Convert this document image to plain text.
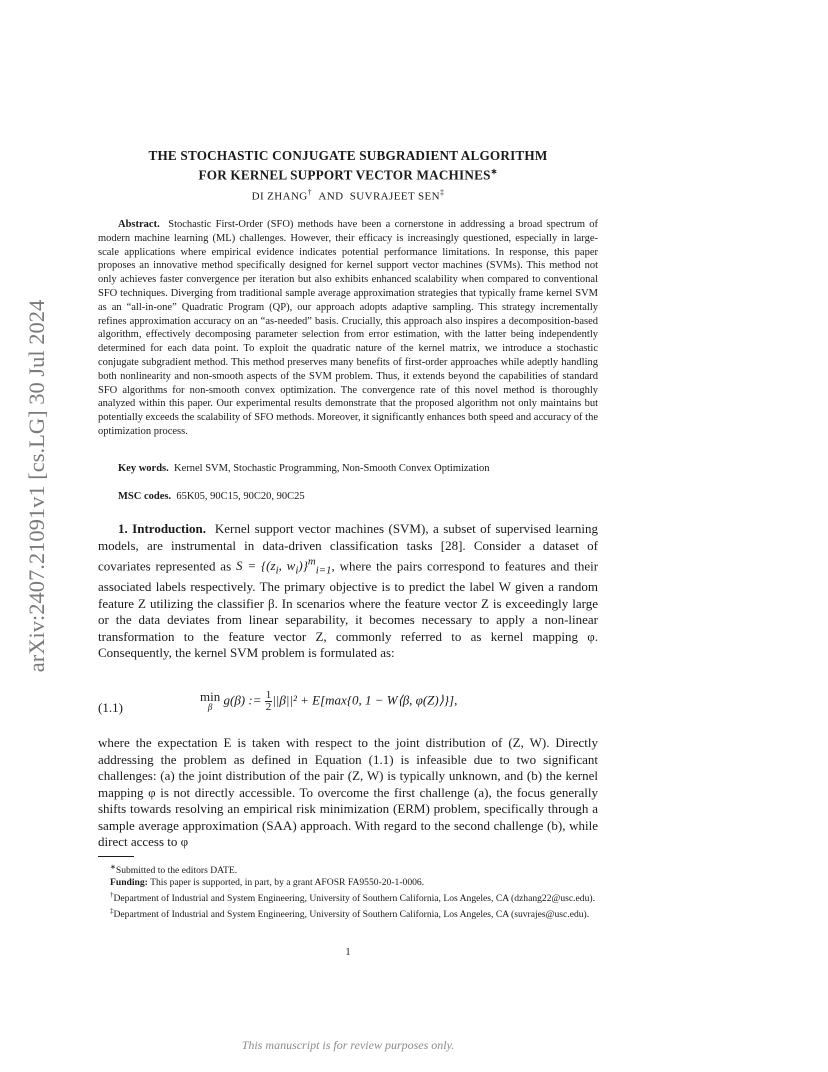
arXiv:2407.21091v1 [cs.LG] 30 Jul 2024
THE STOCHASTIC CONJUGATE SUBGRADIENT ALGORITHM
FOR KERNEL SUPPORT VECTOR MACHINES∗
DI ZHANG† AND SUVRAJEET SEN‡

Abstract. Stochastic First-Order (SFO) methods have been a cornerstone in addressing a broad spectrum of modern machine learning (ML) challenges. However, their efficacy is increasingly questioned, especially in large-scale applications where empirical evidence indicates potential performance limitations. In response, this paper proposes an innovative method specifically designed for kernel support vector machines (SVMs). This method not only achieves faster convergence per iteration but also exhibits enhanced scalability when compared to conventional SFO techniques. Diverging from traditional sample average approximation strategies that typically frame kernel SVM as an “all-in-one” Quadratic Program (QP), our approach adopts adaptive sampling. This strategy incrementally refines approximation accuracy on an “as-needed” basis. Crucially, this approach also inspires a decomposition-based algorithm, effectively decomposing parameter selection from error estimation, with the latter being independently determined for each data point. To exploit the quadratic nature of the kernel matrix, we introduce a stochastic conjugate subgradient method. This method preserves many benefits of first-order approaches while adeptly handling both nonlinearity and non-smooth aspects of the SVM problem. Thus, it extends beyond the capabilities of standard SFO algorithms for non-smooth convex optimization. The convergence rate of this novel method is thoroughly analyzed within this paper. Our experimental results demonstrate that the proposed algorithm not only maintains but potentially exceeds the scalability of SFO methods. Moreover, it significantly enhances both speed and accuracy of the optimization process.

Key words. Kernel SVM, Stochastic Programming, Non-Smooth Convex Optimization

MSC codes. 65K05, 90C15, 90C20, 90C25

1. Introduction. Kernel support vector machines (SVM), a subset of supervised learning models, are instrumental in data-driven classification tasks [28]. Consider a dataset of covariates represented as $S = \{(z_i$, $w_i)\}^m_{i=1}$, where the pairs correspond to features and their associated labels respectively. The primary objective is to predict the label W given a random feature Z utilizing the classifier β. In scenarios where the feature vector Z is exceedingly large or the data deviates from linear separability, it becomes necessary to apply a non-linear transformation to the feature vector Z, commonly referred to as kernel mapping φ. Consequently, the kernel SVM problem is formulated as:

(1.1)
min
β g(β) := $\frac{1}{2} ||\beta||^2 + E[\max\{0$, 1 − W⟨β, φ(Z)⟩}],

where the expectation E is taken with respect to the joint distribution of (Z, W). Directly addressing the problem as defined in Equation (1.1) is infeasible due to two significant challenges: (a) the joint distribution of the pair (Z, W) is typically unknown, and (b) the kernel mapping φ is not directly accessible. To overcome the first challenge (a), the focus generally shifts towards resolving an empirical risk minimization (ERM) problem, specifically through a sample average approximation (SAA) approach. With regard to the second challenge (b), while direct access to φ

∗Submitted to the editors DATE.

Funding: This paper is supported, in part, by a grant AFOSR FA9550-20-1-0006.

†Department of Industrial and System Engineering, University of Southern California, Los Angeles, CA (dzhang22@usc.edu).

‡Department of Industrial and System Engineering, University of Southern California, Los Angeles, CA (suvrajes@usc.edu).

1
This manuscript is for review purposes only.
